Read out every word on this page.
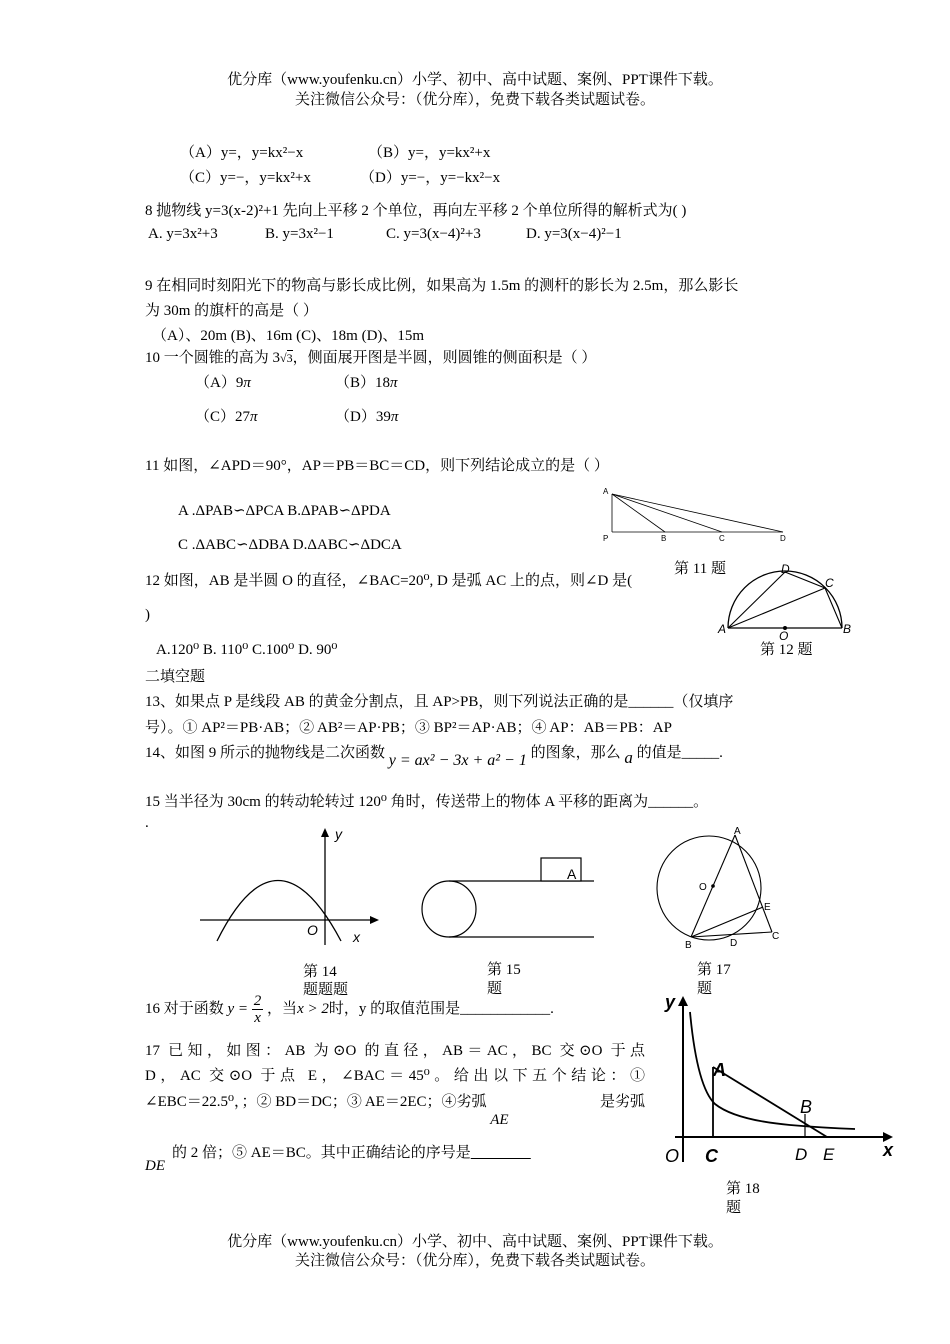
优分库（www.youfenku.cn）小学、初中、高中试题、案例、PPT课件下载。
关注微信公众号：（优分库），免费下载各类试题试卷。
（A）y=，y=kx²−x	（B）y=，y=kx²+x
（C）y=−，y=kx²+x	（D）y=−，y=−kx²−x
8 抛物线 y=3(x-2)²+1 先向上平移 2 个单位，再向左平移 2 个单位所得的解析式为( )
A. y=3x²+3	B. y=3x²−1	C. y=3(x−4)²+3	D. y=3(x−4)²−1
9 在相同时刻阳光下的物高与影长成比例，如果高为 1.5m 的测杆的影长为 2.5m，那么影长
为 30m 的旗杆的高是（ ）
（A）、20m (B)、16m (C)、18m (D)、15m
10 一个圆锥的高为 3√3，侧面展开图是半圆，则圆锥的侧面积是（ ）
（A）9π	（B）18π
（C）27π	（D）39π
11 如图，∠APD＝90°，AP＝PB＝BC＝CD，则下列结论成立的是（ ）
A .ΔPAB∽ΔPCA B.ΔPAB∽ΔPDA
C .ΔABC∽ΔDBA D.ΔABC∽ΔDCA
A
P	B	C	D
第 11 题
12 如图，AB 是半圆 O 的直径，∠BAC=20⁰, D 是弧 AC 上的点，则∠D 是(
)
A.120⁰ B. 110⁰ C.100⁰ D. 90⁰
A	B
C
D
O
第 12 题
二填空题
13、如果点 P 是线段 AB 的黄金分割点，且 AP>PB，则下列说法正确的是______（仅填序
号）。① AP²＝PB·AB；② AB²＝AP·PB；③ BP²＝AP·AB；④ AP：AB＝PB：AP
14、如图 9 所示的抛物线是二次函数 y = ax² − 3x + a² − 1 的图象，那么 a 的值是_____.
15 当半径为 30cm 的转动轮转过 120⁰ 角时，传送带上的物体 A 平移的距离为______。
.
y
x
O
第 14
题题题
A
第 15
题
A
O
E
B	D
C
第 17
题
16 对于函数 $y = \frac{2}{x}$ ，当x > 2时，y 的取值范围是____________.
17 已知，如图：AB 为⊙O 的直径，AB＝AC，BC 交⊙O 于点
D，AC 交⊙O 于点 E，∠BAC＝45⁰。给出以下五个结论：①
∠EBC＝22.5⁰，；② BD＝DC；③ AE＝2EC；④劣弧 AE
是劣弧
DE
的 2 倍；⑤ AE＝BC。其中正确结论的序号是
y
x
O
A
B
C	D E
第 18
题
优分库（www.youfenku.cn）小学、初中、高中试题、案例、PPT课件下载。
关注微信公众号：（优分库），免费下载各类试题试卷。
